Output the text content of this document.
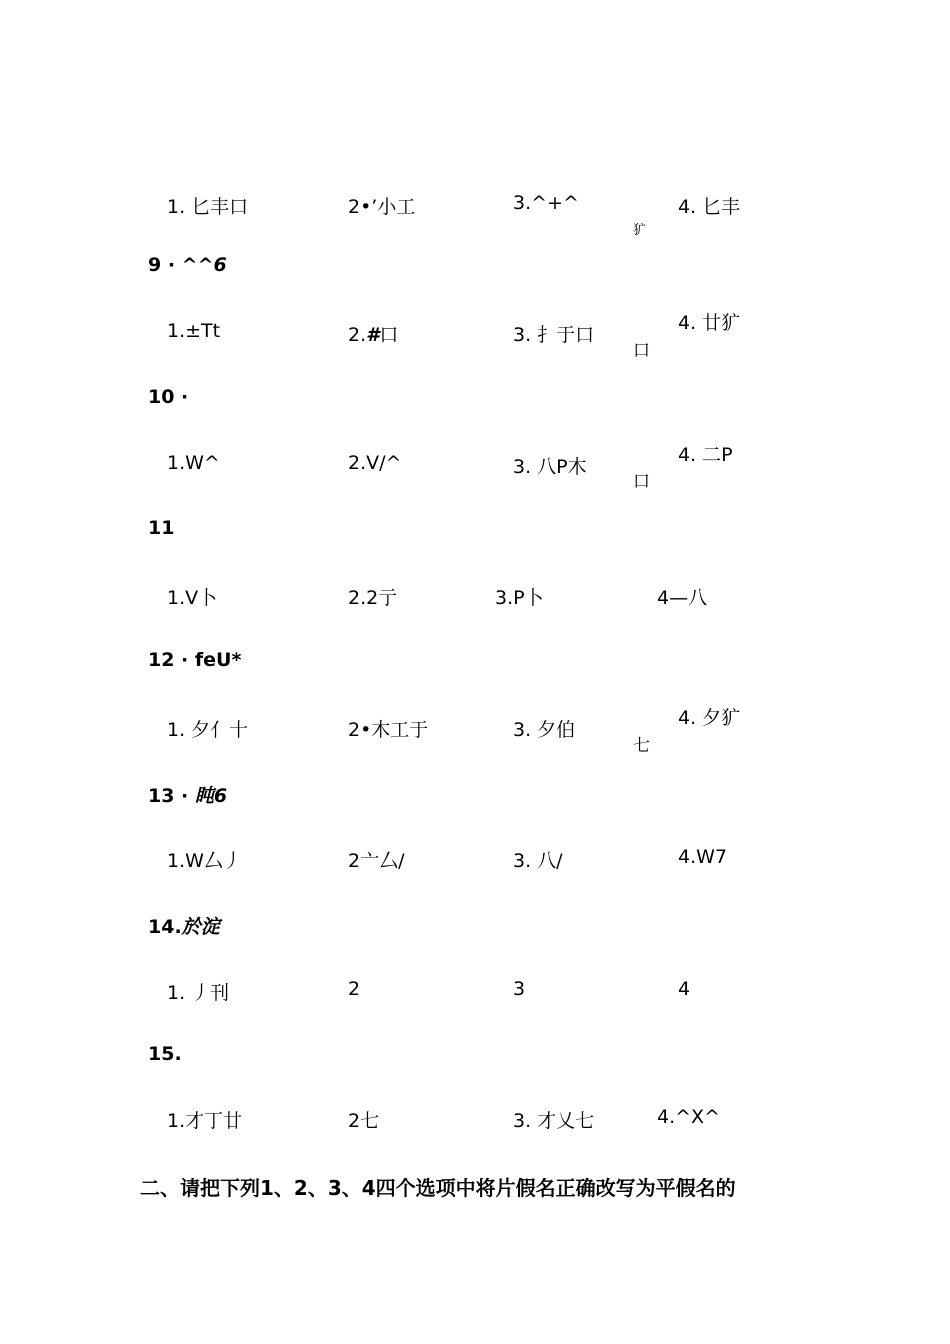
1. 匕丰口	2•’小工	3.^+^	4. 匕丰
犷
9 · ^^6
1.±Tt	2.#口	3. 扌于口
4. 廿犷
口
10 ·
1.W^	2.V/^	3. 八P木
4. 二P
口
11
1.V卜	2.2亍	3.P卜	4—八
12 · feU*
1. 夕亻十	2•木工于	3. 夕伯
4. 夕犷
七
13 · 盹6
1.W厶丿	2亠厶/	3. 八/	4.W7
14.於淀
1. 丿刊	2	3	4
15.
1.才丁廿	2七	3. 才乂七	4.^X^
二、请把下列1、2、3、4四个选项中将片假名正确改写为平假名的
